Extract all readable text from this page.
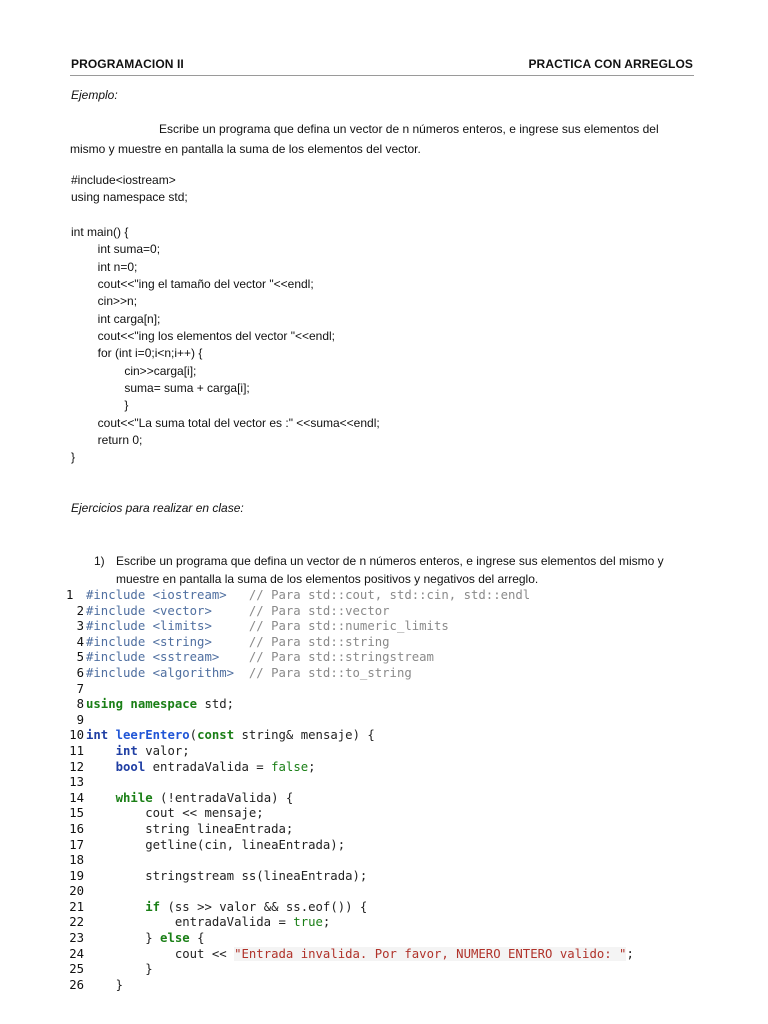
PROGRAMACION II	PRACTICA CON ARREGLOS
Ejemplo:
Escribe un programa que defina un vector de n números enteros, e ingrese sus elementos del
mismo y muestre en pantalla la suma de los elementos del vector.
#include<iostream>
using namespace std;
int main() {
int suma=0;
int n=0;
cout<<"ing el tamaño del vector "<<endl;
cin>>n;
int carga[n];
cout<<"ing los elementos del vector "<<endl;
for (int i=0;i<n;i++) {
cin>>carga[i];
suma= suma + carga[i];
}
cout<<"La suma total del vector es :" <<suma<<endl;
return 0;
}
Ejercicios para realizar en clase:
1) Escribe un programa que defina un vector de n números enteros, e ingrese sus elementos del mismo y
muestre en pantalla la suma de los elementos positivos y negativos del arreglo.
1 #include <iostream>   // Para std::cout, std::cin, std::endl
2 #include <vector>     // Para std::vector
3 #include <limits>     // Para std::numeric_limits
4 #include <string>     // Para std::string
5 #include <sstream>    // Para std::stringstream
6 #include <algorithm>  // Para std::to_string
7
8 using namespace std;
9
10 int leerEntero(const string& mensaje) {
11	int valor;
12	bool entradaValida = false;
13
14	while (!entradaValida) {
15        cout << mensaje;
16        string lineaEntrada;
17        getline(cin, lineaEntrada);
18
19        stringstream ss(lineaEntrada);
20
21	if (ss >> valor && ss.eof()) {
22            entradaValida = true;
23        } else {
24            cout << "Entrada invalida. Por favor, NUMERO ENTERO valido: ";
25        }
26    }
